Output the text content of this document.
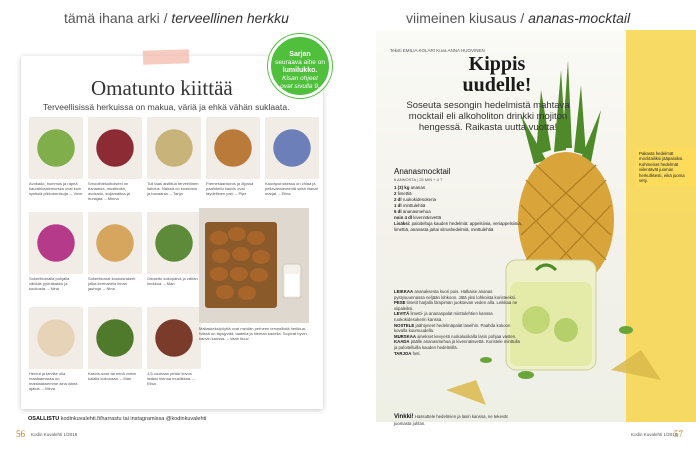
tämä ihana arki / terveellinen herkku
Omatunto kiittää
Terveellisissä herkuissa on makua, väriä ja ehkä vähän suklaata.
Avokado, hummus ja rapea kaurahiutalemurska ovat kuin syntisiä pikkuherkkuja. – Virve
Smoothiekulhoiseni on banaania, mustikoita, avokado, soijamaitoa ja hunajaa. – Minna
Tuli taas aistittua terveellinen ilahdus. Näissä on kookosta ja banaania. – Tanja
Parmesaaniseos ja öljyssä paahdettu kasvis ovat täydellinen pari. – Pipe
Kauraporoisessa on chiaa ja pellavansiementä sekä ihanat marjat. – Elina
Sokerittomalla pohjalla värikäs pyöräkakku ja kookosta. – Nina
Sokerittomat kookosrakeet jotka kermahela ilman jauhoja. – Nina
Odotettu kokopäivä ja vähän herkkua. – Mari
Herkut ja tarvike olla maalaamassa on maistaaksemme aina oikea ajatus. – Mirva
Kasvis-sose tai minä voisin kalalla kokonaan. – Mari
1,5-vuotiaan pinkki leivos lisäksi hienoa mustikkaa. – Elisa
Mallaskeksipöyttä ovat meidän perheen terveellistä herkkua. Niissä on täysjyvää, taatelia ja hieman kanelia. Sopivat hyvin kahvin kanssa. – Vaan Ituuv
Sarjan
seuraava aihe on
lumilukko.
Kisan ohjeet
ovat sivulla 9.
OSALLISTU kodinkuvalehti.fi/harrastu tai instagramissa @kodinkuvalehti
56 Kodin Kuvalehti 1/2018
viimeinen kiusaus / ananas-mocktail
Teksti EMILIA KOLARI Kuva ANNA HUOVINEN
Kippis uudelle!
Soseuta sesongin hedelmistä mahtava mocktail eli alkoholiton drinkki mojiton hengessä. Raikasta uutta vuotta!
Ananasmocktail
6 ANNOSTA | 25 MIN + 4 T
1 (3) kg ananas
2 limettiä
2 dl ruokokidesokeria
1 dl minttulehtiä
6 dl ananasmehua
noin 4 dl kivennäisvettä
Lisäksi: paloiteltuja kauden hedelmiä: appelsiinia, veriappelsiinia, limettiä, ananasta ja/tai sitrushedelmiä, minttulehtiä
LEIKKAA ananaksesta kuori pois. Halkaise ananas pystysuunnassa neljään lohkoon. Jätä yksi lohkoista koristeeksi.
PESE limetit harjalla lämpimän juoksevan veden alla. Leikkaa ne viipaleiksi.
LEVITÄ limetti- ja ananaspalat minttulehtien kanssa ruokokidesokerin kanssa.
NOSTELE jäähtyneet hedelmäpalat laseihin. Paahda kokoon kovalla kuumuudella.
MURSKAA ainekset kevyesti ruokalusikalla lasin pohjaa vasten.
KAADA päälle ananasmehua ja kivennäisvettä. Koristele minttulla ja paloitelluilla kauden hedelmillä.
TARJOA heti.
Vinkki! Hassuttele hedelmien ja lasin kanssa, ne tekevät juomasta juhlan.
Pakasta hedelmät mocktailiksi jääpaloiksi. Kohmeiset hedelmät viilentävät juoman herkullisesti, eikä juoma vety.
Kodin Kuvalehti 1/2018
57
